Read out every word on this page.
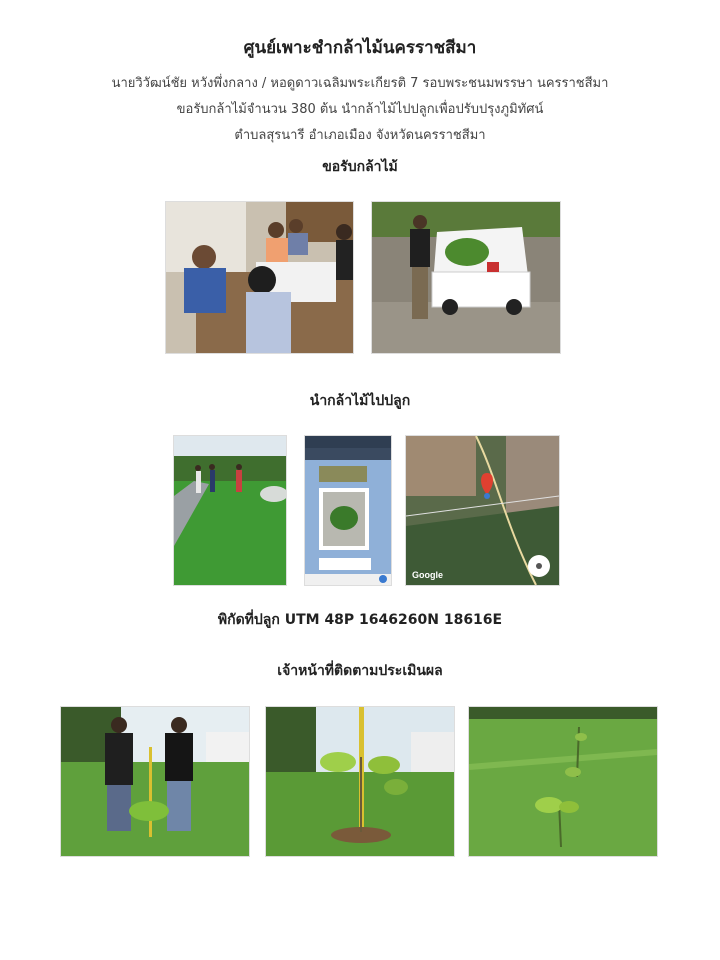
ศูนย์เพาะชำกล้าไม้นครราชสีมา
นายวิวัฒน์ชัย หวังพึ่งกลาง / หอดูดาวเฉลิมพระเกียรติ 7 รอบพระชนมพรรษา นครราชสีมา
ขอรับกล้าไม้จำนวน 380 ต้น นำกล้าไม้ไปปลูกเพื่อปรับปรุงภูมิทัศน์
ตำบลสุรนารี อำเภอเมือง จังหวัดนครราชสีมา
ขอรับกล้าไม้
นำกล้าไม้ไปปลูก
Google
พิกัดที่ปลูก UTM 48P 1646260N 18616E
เจ้าหน้าที่ติดตามประเมินผล
